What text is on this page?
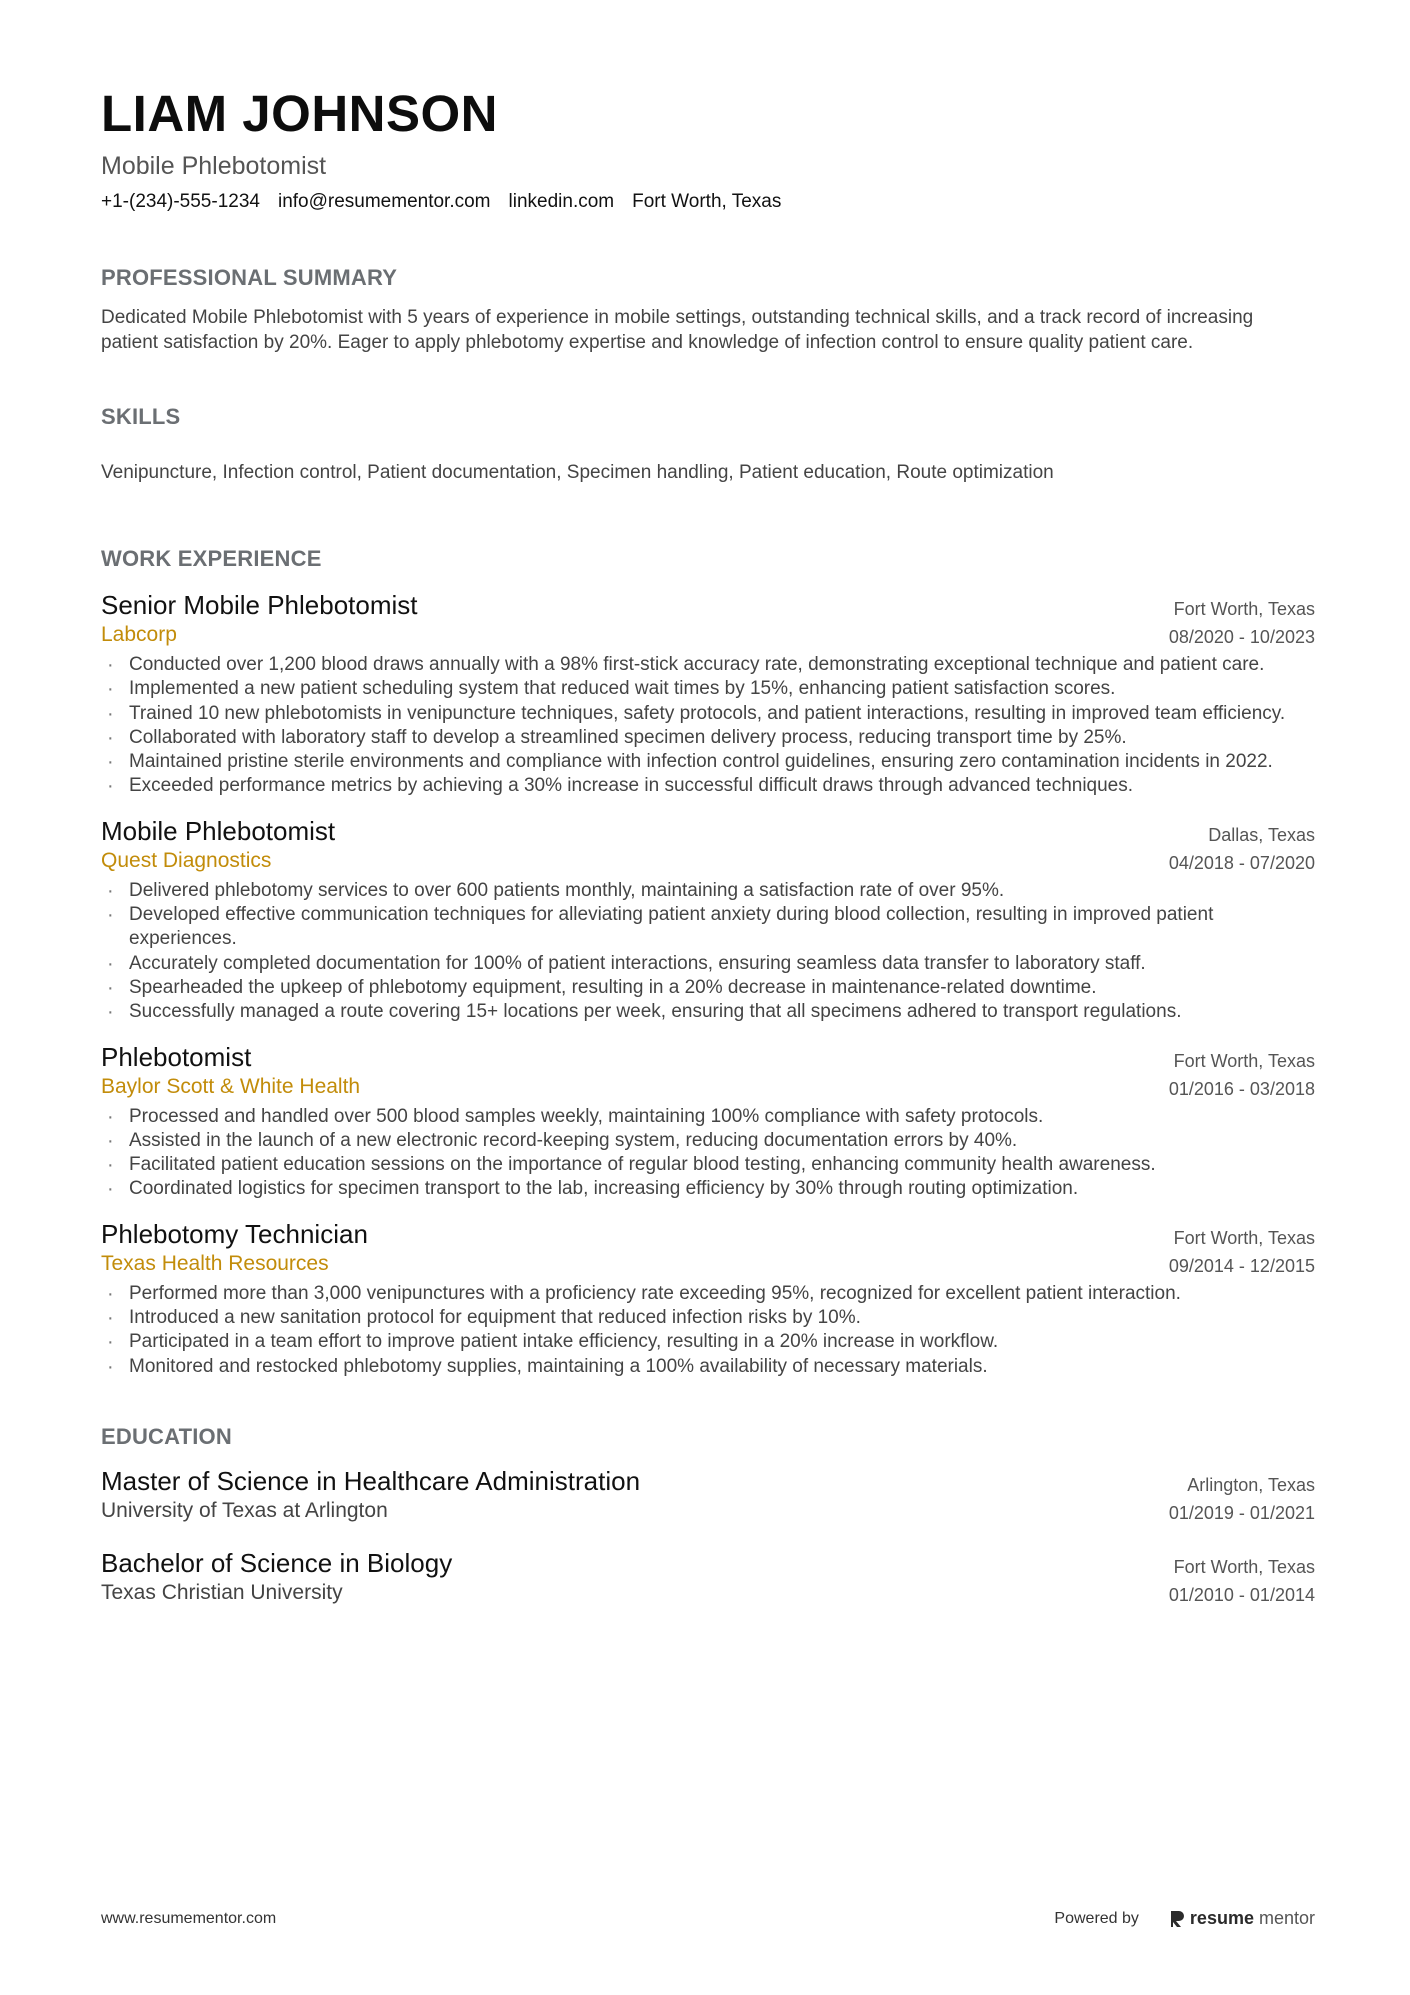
LIAM JOHNSON
Mobile Phlebotomist
+1-(234)-555-1234 info@resumementor.com linkedin.com Fort Worth, Texas
PROFESSIONAL SUMMARY
Dedicated Mobile Phlebotomist with 5 years of experience in mobile settings, outstanding technical skills, and a track record of increasing patient satisfaction by 20%. Eager to apply phlebotomy expertise and knowledge of infection control to ensure quality patient care.
SKILLS
Venipuncture, Infection control, Patient documentation, Specimen handling, Patient education, Route optimization
WORK EXPERIENCE
Senior Mobile Phlebotomist	Fort Worth, Texas
Labcorp	08/2020 - 10/2023
· Conducted over 1,200 blood draws annually with a 98% first-stick accuracy rate, demonstrating exceptional technique and patient care.
· Implemented a new patient scheduling system that reduced wait times by 15%, enhancing patient satisfaction scores.
· Trained 10 new phlebotomists in venipuncture techniques, safety protocols, and patient interactions, resulting in improved team efficiency.
· Collaborated with laboratory staff to develop a streamlined specimen delivery process, reducing transport time by 25%.
· Maintained pristine sterile environments and compliance with infection control guidelines, ensuring zero contamination incidents in 2022.
· Exceeded performance metrics by achieving a 30% increase in successful difficult draws through advanced techniques.
Mobile Phlebotomist	Dallas, Texas
Quest Diagnostics	04/2018 - 07/2020
· Delivered phlebotomy services to over 600 patients monthly, maintaining a satisfaction rate of over 95%.
· Developed effective communication techniques for alleviating patient anxiety during blood collection, resulting in improved patient experiences.
· Accurately completed documentation for 100% of patient interactions, ensuring seamless data transfer to laboratory staff.
· Spearheaded the upkeep of phlebotomy equipment, resulting in a 20% decrease in maintenance-related downtime.
· Successfully managed a route covering 15+ locations per week, ensuring that all specimens adhered to transport regulations.
Phlebotomist	Fort Worth, Texas
Baylor Scott & White Health	01/2016 - 03/2018
· Processed and handled over 500 blood samples weekly, maintaining 100% compliance with safety protocols.
· Assisted in the launch of a new electronic record-keeping system, reducing documentation errors by 40%.
· Facilitated patient education sessions on the importance of regular blood testing, enhancing community health awareness.
· Coordinated logistics for specimen transport to the lab, increasing efficiency by 30% through routing optimization.
Phlebotomy Technician	Fort Worth, Texas
Texas Health Resources	09/2014 - 12/2015
· Performed more than 3,000 venipunctures with a proficiency rate exceeding 95%, recognized for excellent patient interaction.
· Introduced a new sanitation protocol for equipment that reduced infection risks by 10%.
· Participated in a team effort to improve patient intake efficiency, resulting in a 20% increase in workflow.
· Monitored and restocked phlebotomy supplies, maintaining a 100% availability of necessary materials.
EDUCATION
Master of Science in Healthcare Administration	Arlington, Texas
University of Texas at Arlington	01/2019 - 01/2021
Bachelor of Science in Biology	Fort Worth, Texas
Texas Christian University	01/2010 - 01/2014
www.resumementor.com	Powered by	resume mentor
